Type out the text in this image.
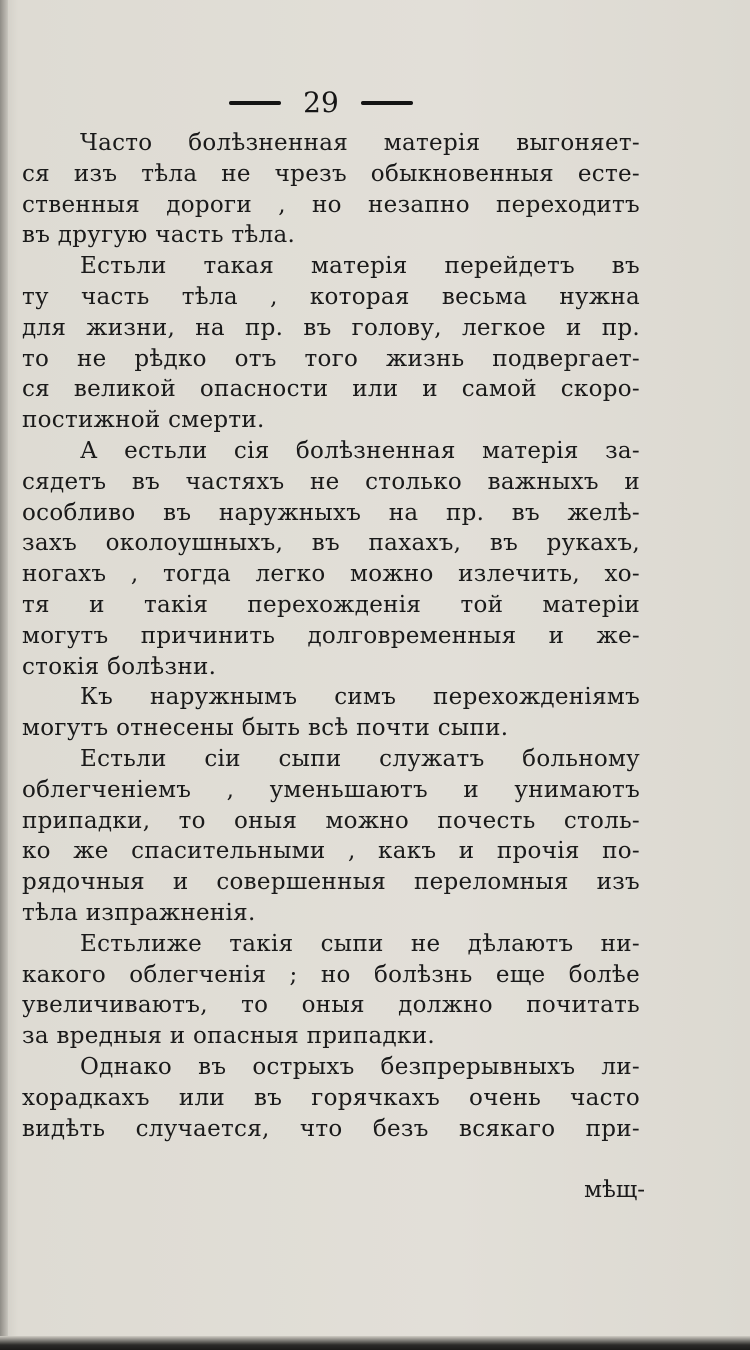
29
Часто болѣзненная матерія выгоняет-
ся изъ тѣла не чрезъ обыкновенныя есте-
ственныя дороги , но незапно переходитъ
въ другую часть тѣла.
Естьли такая матерія перейдетъ въ
ту часть тѣла , которая весьма нужна
для жизни, на пр. въ голову, легкое и пр.
то не рѣдко отъ того жизнь подвергает-
ся великой опасности или и самой скоро-
постижной смерти.
А естьли сія болѣзненная матерія за-
сядетъ въ частяхъ не столько важныхъ и
особливо въ наружныхъ на пр. въ желѣ-
захъ околоушныхъ, въ пахахъ, въ рукахъ,
ногахъ , тогда легко можно излечить, хо-
тя и такія перехожденія той матеріи
могутъ причинить долговременныя и же-
стокія болѣзни.
Къ наружнымъ симъ перехожденіямъ
могутъ отнесены быть всѣ почти сыпи.
Естьли сіи сыпи служатъ больному
облегченіемъ , уменьшаютъ и унимаютъ
припадки, то оныя можно почесть столь-
ко же спасительными , какъ и прочія по-
рядочныя и совершенныя переломныя изъ
тѣла изпражненія.
Естьлиже такія сыпи не дѣлаютъ ни-
какого облегченія ; но болѣзнь еще болѣе
увеличиваютъ, то оныя должно почитать
за вредныя и опасныя припадки.
Однако въ острыхъ безпрерывныхъ ли-
хорадкахъ или въ горячкахъ очень часто
видѣть случается, что безъ всякаго при-
мѣщ-
